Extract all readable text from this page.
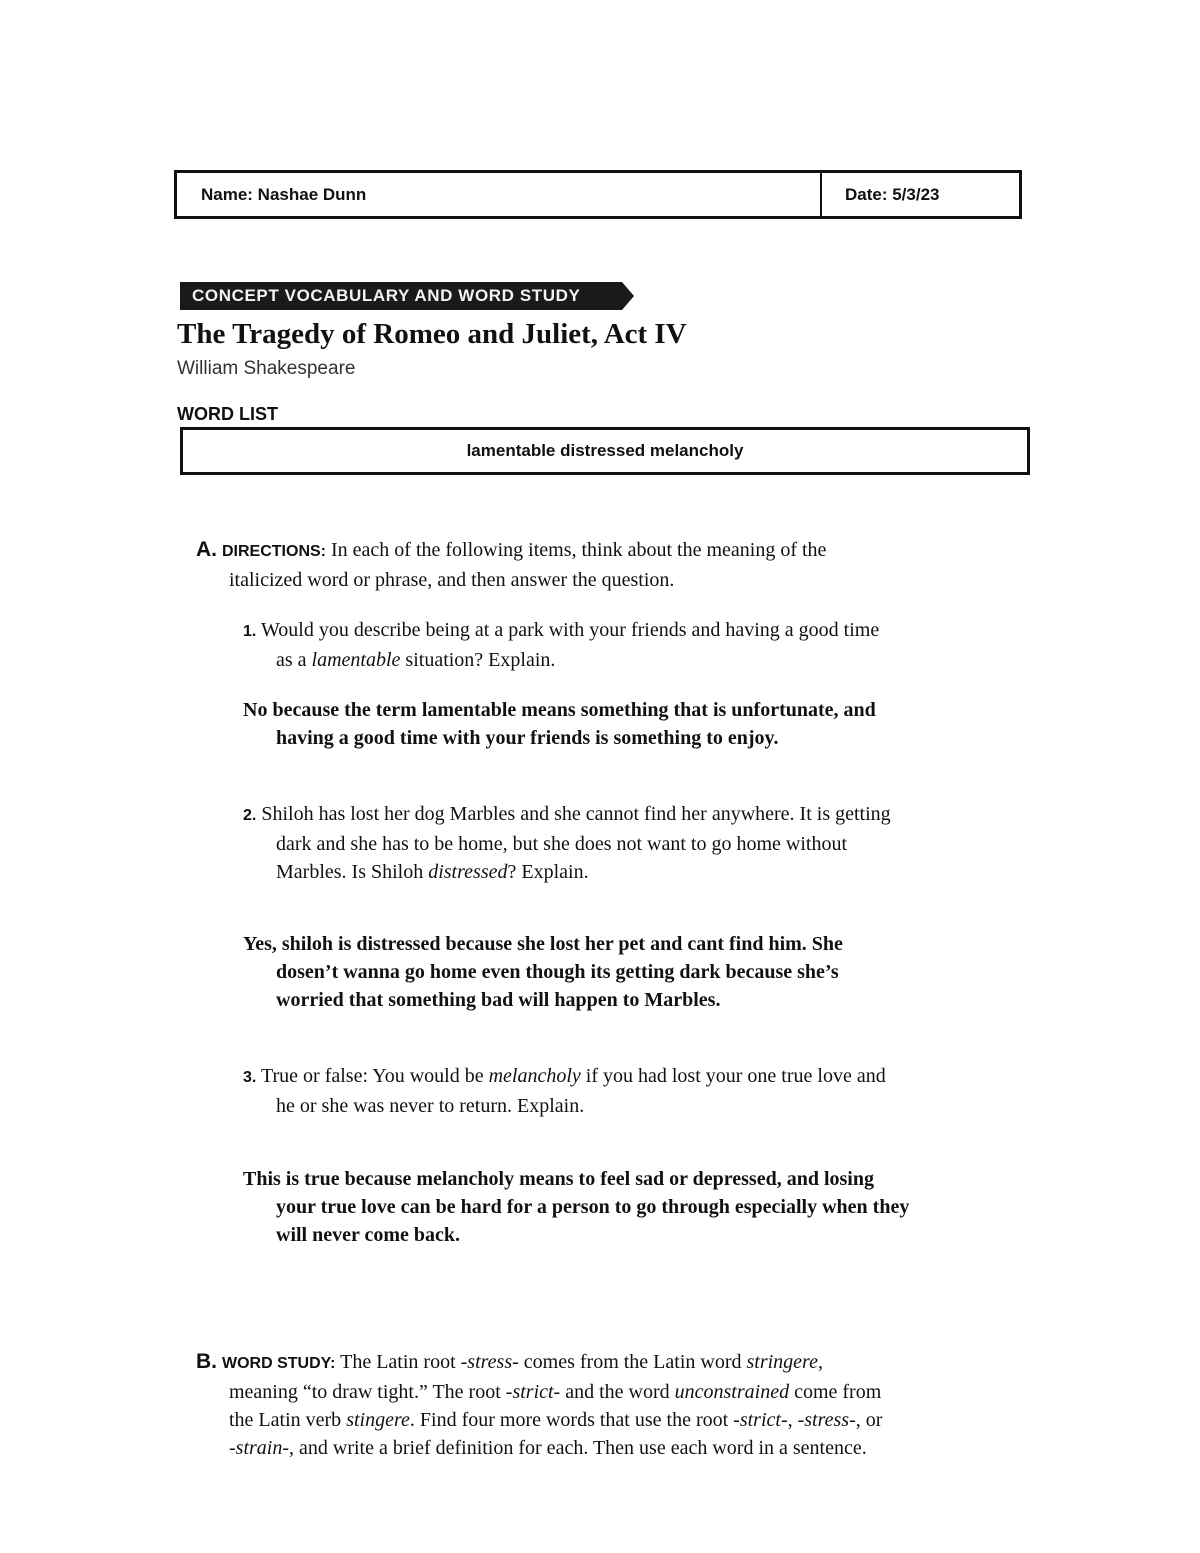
Name: Nashae Dunn	Date: 5/3/23
CONCEPT VOCABULARY AND WORD STUDY
The Tragedy of Romeo and Juliet, Act IV
William Shakespeare
WORD LIST
lamentable distressed melancholy
A. DIRECTIONS: In each of the following items, think about the meaning of the
italicized word or phrase, and then answer the question.
1. Would you describe being at a park with your friends and having a good time
as a lamentable situation? Explain.
No because the term lamentable means something that is unfortunate, and
having a good time with your friends is something to enjoy.
2. Shiloh has lost her dog Marbles and she cannot find her anywhere. It is getting
dark and she has to be home, but she does not want to go home without
Marbles. Is Shiloh distressed? Explain.
Yes, shiloh is distressed because she lost her pet and cant find him. She
dosen’t wanna go home even though its getting dark because she’s
worried that something bad will happen to Marbles.
3. True or false: You would be melancholy if you had lost your one true love and
he or she was never to return. Explain.
This is true because melancholy means to feel sad or depressed, and losing
your true love can be hard for a person to go through especially when they
will never come back.
B. WORD STUDY: The Latin root -stress- comes from the Latin word stringere,
meaning “to draw tight.” The root -strict- and the word unconstrained come from
the Latin verb stingere. Find four more words that use the root -strict-, -stress-, or
-strain-, and write a brief definition for each. Then use each word in a sentence.
